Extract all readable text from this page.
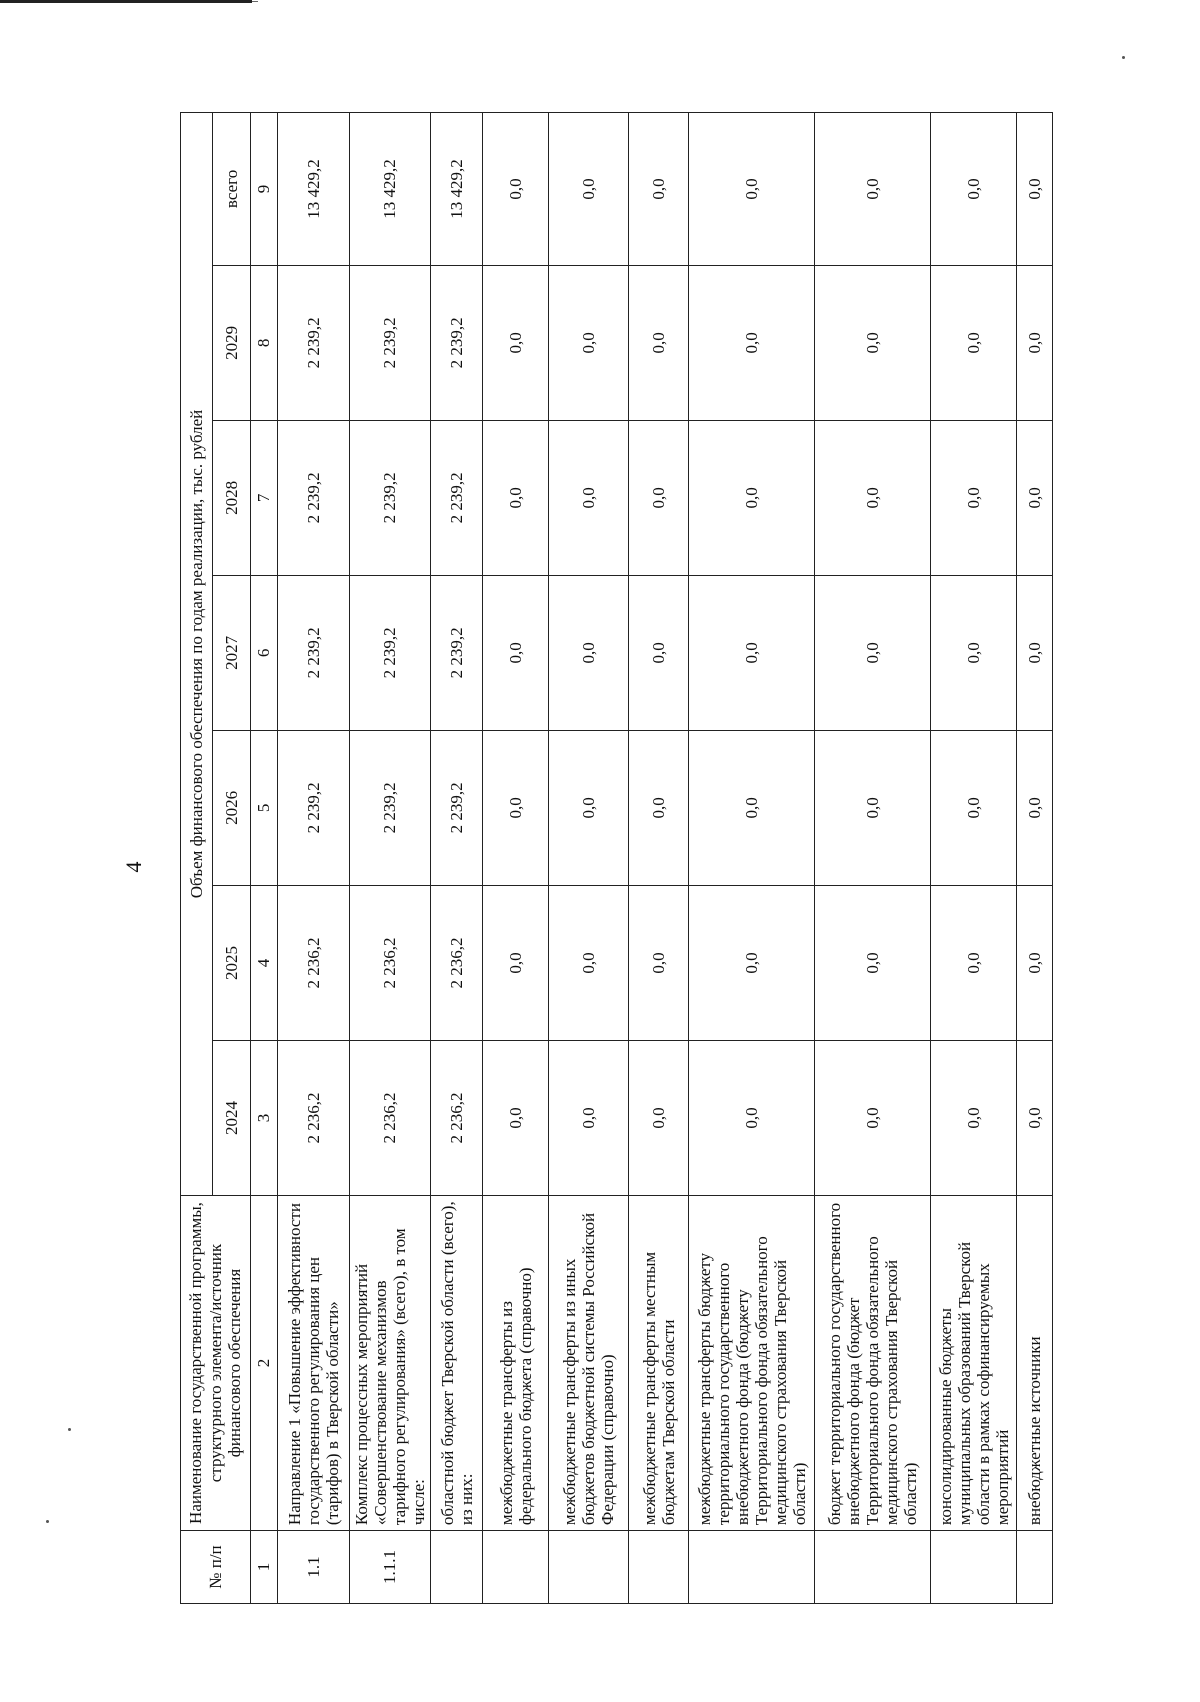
4
№ п/п	Наименование государственной программы, структурного элемента/источник финансового обеспечения	Объем финансового обеспечения по годам реализации, тыс. рублей						
		2024	2025	2026	2027	2028	2029	всего
1	2	3	4	5	6	7	8	9
1.1	Направление 1 «Повышение эффективности государственного регулирования цен (тарифов) в Тверской области»	2 236,2	2 236,2	2 239,2	2 239,2	2 239,2	2 239,2	13 429,2
1.1.1	Комплекс процессных мероприятий «Совершенствование механизмов тарифного регулирования» (всего), в том числе:	2 236,2	2 236,2	2 239,2	2 239,2	2 239,2	2 239,2	13 429,2
	областной бюджет Тверской области (всего), из них:	2 236,2	2 236,2	2 239,2	2 239,2	2 239,2	2 239,2	13 429,2
	межбюджетные трансферты из федерального бюджета (справочно)	0,0	0,0	0,0	0,0	0,0	0,0	0,0
	межбюджетные трансферты из иных бюджетов бюджетной системы Российской Федерации (справочно)	0,0	0,0	0,0	0,0	0,0	0,0	0,0
	межбюджетные трансферты местным бюджетам Тверской области	0,0	0,0	0,0	0,0	0,0	0,0	0,0
	межбюджетные трансферты бюджету территориального государственного внебюджетного фонда (бюджету Территориального фонда обязательного медицинского страхования Тверской области)	0,0	0,0	0,0	0,0	0,0	0,0	0,0
	бюджет территориального государственного внебюджетного фонда (бюджет Территориального фонда обязательного медицинского страхования Тверской области)	0,0	0,0	0,0	0,0	0,0	0,0	0,0
	консолидированные бюджеты муниципальных образований Тверской области в рамках софинансируемых мероприятий	0,0	0,0	0,0	0,0	0,0	0,0	0,0
	внебюджетные источники	0,0	0,0	0,0	0,0	0,0	0,0	0,0
